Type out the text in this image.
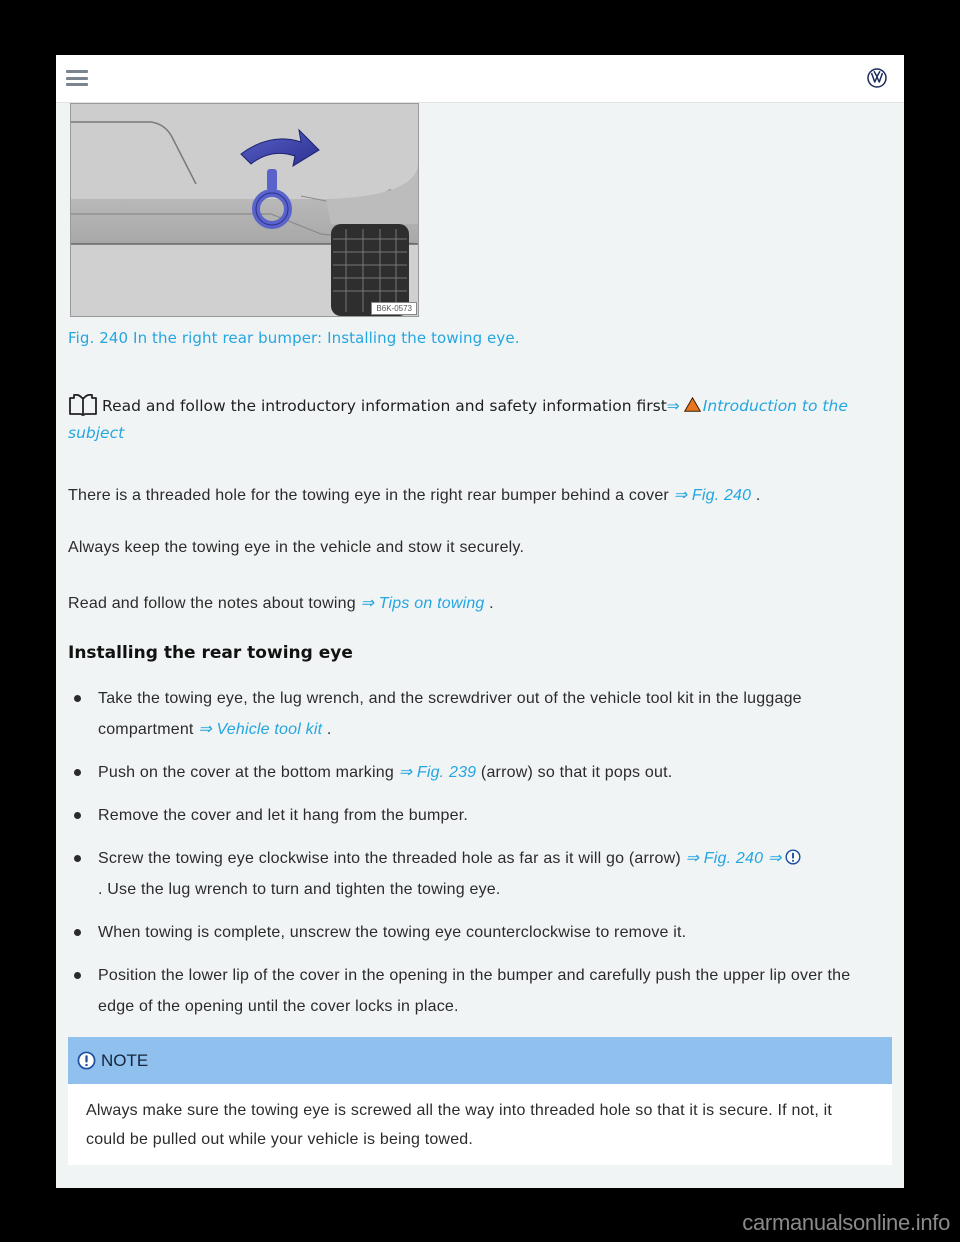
B6K-0573
Fig. 240 In the right rear bumper: Installing the towing eye.
Read and follow the introductory information and safety information first⇒ Introduction to the subject
There is a threaded hole for the towing eye in the right rear bumper behind a cover ⇒ Fig. 240 .
Always keep the towing eye in the vehicle and stow it securely.
Read and follow the notes about towing ⇒ Tips on towing .
Installing the rear towing eye
Take the towing eye, the lug wrench, and the screwdriver out of the vehicle tool kit in the luggage compartment ⇒ Vehicle tool kit .
Push on the cover at the bottom marking ⇒ Fig. 239 (arrow) so that it pops out.
Remove the cover and let it hang from the bumper.
Screw the towing eye clockwise into the threaded hole as far as it will go (arrow) ⇒ Fig. 240 ⇒
. Use the lug wrench to turn and tighten the towing eye.
When towing is complete, unscrew the towing eye counterclockwise to remove it.
Position the lower lip of the cover in the opening in the bumper and carefully push the upper lip over the edge of the opening until the cover locks in place.
NOTE
Always make sure the towing eye is screwed all the way into threaded hole so that it is secure. If not, it could be pulled out while your vehicle is being towed.
carmanualsonline.info
